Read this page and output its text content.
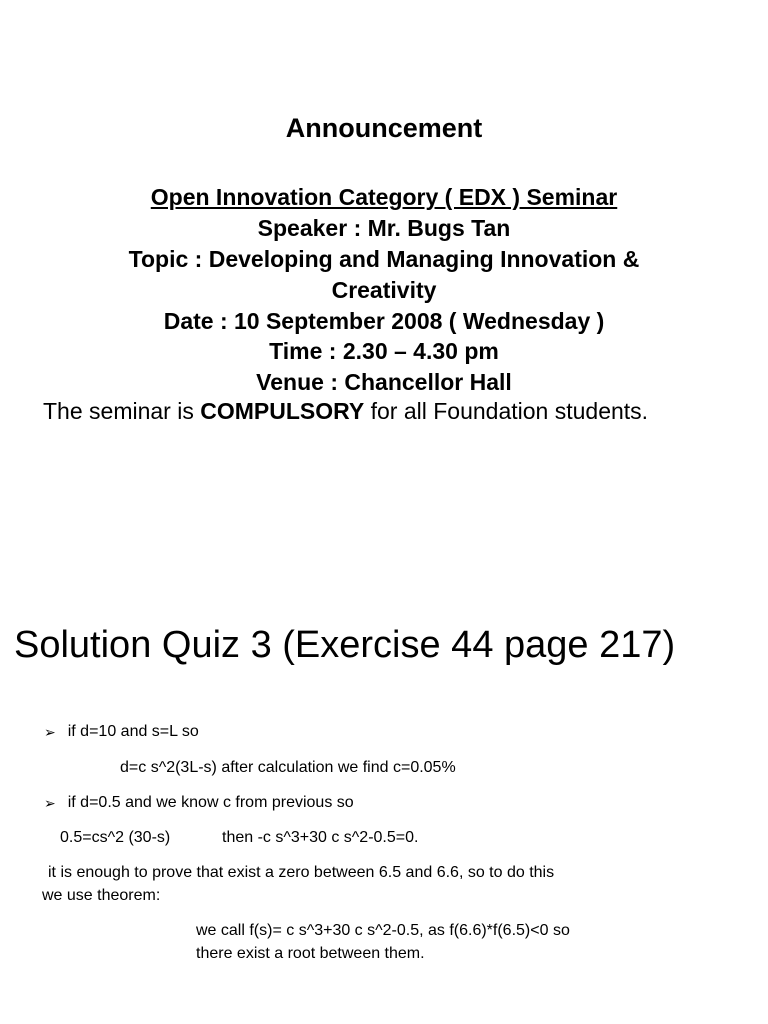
Announcement
Open Innovation Category ( EDX ) Seminar
Speaker : Mr. Bugs Tan
Topic : Developing and Managing Innovation &
Creativity
Date : 10 September 2008 ( Wednesday )
Time : 2.30 – 4.30 pm
Venue : Chancellor Hall
The seminar is COMPULSORY for all Foundation students.
Solution Quiz 3 (Exercise 44 page 217)
➢ if d=10 and s=L so
d=c s^2(3L-s) after calculation we find c=0.05%
➢ if d=0.5 and we know c from previous so
0.5=cs^2 (30-s)	then -c s^3+30 c s^2-0.5=0.
it is enough to prove that exist a zero between 6.5 and 6.6, so to do this
we use theorem:
we call f(s)= c s^3+30 c s^2-0.5, as f(6.6)*f(6.5)<0 so
there exist a root between them.
